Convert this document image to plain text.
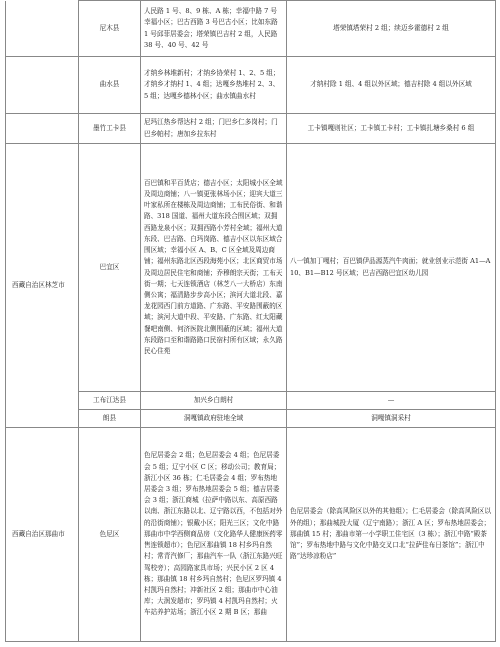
	尼木县	人民路 1 号、8、9 栋、A 栋；幸福中路 7 号幸福小区；巴古西路 3 号巴古小区；比如东路 1 号邱菲居委会；塔荣镇巴吉村 2 组，人民路 38 号、40 号、42 号	塔荣镇塔荣村 2 组；续迈乡霍德村 2 组
	曲水县	才纳乡林堆新村；才纳乡协荣村 1、2、5 组；才纳乡才纳村 1、4 组；达嘎乡热堆村 2、3、5 组；达嘎乡德林小区；曲水镇曲水村	才纳村除 1 组、4 组以外区域；德吉村除 4 组以外区域
	墨竹工卡县	尼玛江热乡帮达村 2 组；门巴乡仁多岗村；门巴乡帕村；唐加乡拉东村	工卡镇嘎则社区；工卡镇工卡村；工卡镇扎塘乡桑村 6 组
西藏自治区林芝市	巴宜区	百巴镇和平百货店；德吉小区；太阳城小区全域及周边商铺；八一镇更张林场小区；迎宾大道三叶家私所在楼栋及周边商铺；工布民俗街、和谐路、318 国道、福州大道东段合围区域；双拥西路龙泉小区；双拥西路小芳村全域；福州大道东段、巴吉路、白玛岗路、德吉小区以东区域合围区域；幸福小区 A、B、C 区全域及周边商铺；福州东路北区西段海苑小区；北区商贸市场及周边居民住宅和商铺；乔穆朗宗天街；工布天街一期；七天连锁酒店（林芝八一大桥店）东南侧公寓；福清路步步高小区；滨河大道北段、嘉龙花园西门前方道路、广东路、平安路围蔽的区域；滨河大道中段、平安路、广东路、红太阳藏餐吧南侧、何济医院北侧围蔽的区域；福州大道东段路口至和谐路路口民宿村所有区域；永久路民心住苑	八一镇加丁嘎村；百巴镇伊品源蒸汽牛肉面；就业创业示范街 A1—A10、B1—B12 号区域；巴吉西路巴宜区幼儿园
	工布江达县	加兴乡白朗村	—
	朗县	洞嘎镇政府驻地全域	洞嘎镇洞采村
西藏自治区那曲市	色尼区	色尼居委会 2 组；色尼居委会 4 组；色尼居委会 5 组；辽宁小区 C 区；移动公司；教育局；浙江小区 36 栋；仁毛居委会 4 组；罗布热地居委会 3 组；罗布热地居委会 5 组；德吉居委会 3 组；浙江商城（拉萨中路以东、高原西路以南、浙江东路以北、辽宁路以西，不包括对外的沿街商铺）；银戴小区；阳光三区；文化中路那曲市中学西侧商品房（文化路华人健康医药零售连锁超市）；色尼区那曲镇 18 村乡玛自然村；常青汽修厂；那曲汽车一队（浙江东路兴旺驾校旁）；高园路家具市场；兴民小区 2 区 4 栋；那曲镇 18 村乡玛自然村；色尼区罗玛镇 4 村凯玛自然村；冲新社区 2 组；那曲市中心油库；大润发超市；罗玛镇 4 村凯玛自然村；火车站养护站场；浙江小区 2 期 B 区；那曲	色尼居委会（除高风险区以外的其他组）；仁毛居委会（除高风险区以外的组）；那曲城投大厦（辽宁南路）；浙江 A 区；罗布热地居委会；那曲镇 15 村；那曲市第一小学职工住宅区（3 栋）；浙江中路“殿茶馆”；罗布热地中路与文化中路交叉口北“拉萨佳布日茶馆”；浙江中路“达珍凉粉店”
